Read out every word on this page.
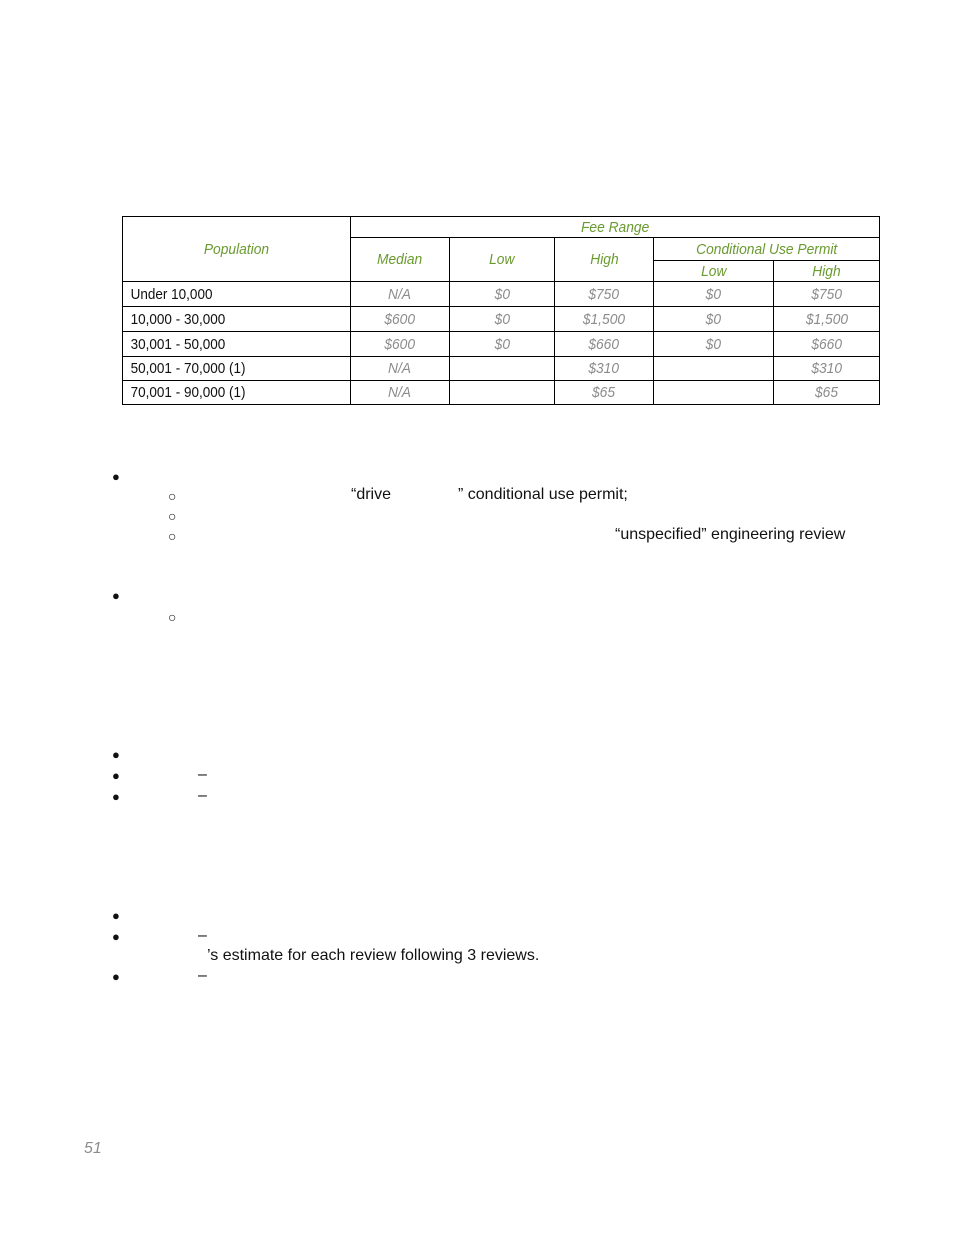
Population	Fee Range				
	Median	Low	High	Conditional Use Permit	
				Low	High
Under 10,000	N/A	$0	$750	$0	$750
10,000 - 30,000	$600	$0	$1,500	$0	$1,500
30,001 - 50,000	$600	$0	$660	$0	$660
50,001 - 70,000 (1)	N/A		$310		$310
70,001 - 90,000 (1)	N/A		$65		$65
●
○	“drive	” conditional use permit;
○
○	“unspecified” engineering review
●
○
●
●	–
●	–
●
●	–
’s estimate for each review following 3 reviews.
●	–
51
